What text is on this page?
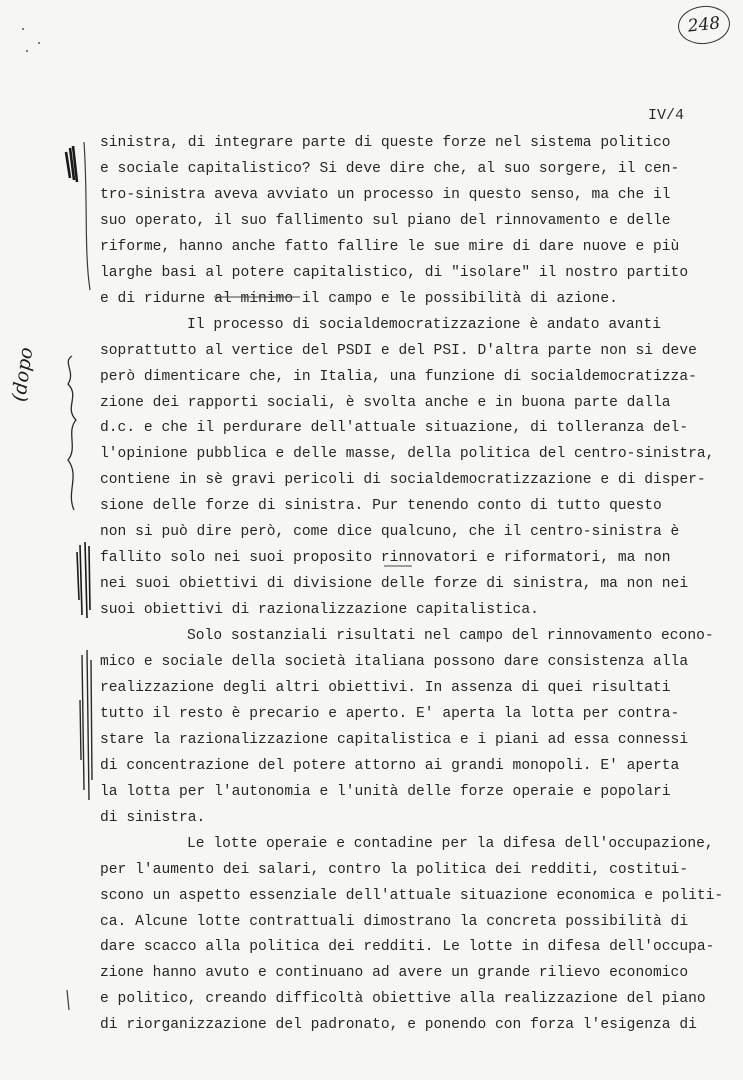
248
IV/4
sinistra, di integrare parte di queste forze nel sistema politico
e sociale capitalistico? Si deve dire che, al suo sorgere, il cen-
tro-sinistra aveva avviato un processo in questo senso, ma che il
suo operato, il suo fallimento sul piano del rinnovamento e delle
riforme, hanno anche fatto fallire le sue mire di dare nuove e più
larghe basi al potere capitalistico, di "isolare" il nostro partito
e di ridurne al minimo il campo e le possibilità di azione.
Il processo di socialdemocratizzazione è andato avanti
soprattutto al vertice del PSDI e del PSI. D'altra parte non si deve
però dimenticare che, in Italia, una funzione di socialdemocratizza-
zione dei rapporti sociali, è svolta anche e in buona parte dalla
d.c. e che il perdurare dell'attuale situazione, di tolleranza del-
l'opinione pubblica e delle masse, della politica del centro-sinistra,
contiene in sè gravi pericoli di socialdemocratizzazione e di disper-
sione delle forze di sinistra. Pur tenendo conto di tutto questo
non si può dire però, come dice qualcuno, che il centro-sinistra è
fallito solo nei suoi proposito rinnovatori e riformatori, ma non
nei suoi obiettivi di divisione delle forze di sinistra, ma non nei
suoi obiettivi di razionalizzazione capitalistica.
Solo sostanziali risultati nel campo del rinnovamento econo-
mico e sociale della società italiana possono dare consistenza alla
realizzazione degli altri obiettivi. In assenza di quei risultati
tutto il resto è precario e aperto. E' aperta la lotta per contra-
stare la razionalizzazione capitalistica e i piani ad essa connessi
di concentrazione del potere attorno ai grandi monopoli. E' aperta
la lotta per l'autonomia e l'unità delle forze operaie e popolari
di sinistra.
Le lotte operaie e contadine per la difesa dell'occupazione,
per l'aumento dei salari, contro la politica dei redditi, costitui-
scono un aspetto essenziale dell'attuale situazione economica e politi-
ca. Alcune lotte contrattuali dimostrano la concreta possibilità di
dare scacco alla politica dei redditi. Le lotte in difesa dell'occupa-
zione hanno avuto e continuano ad avere un grande rilievo economico
e politico, creando difficoltà obiettive alla realizzazione del piano
di riorganizzazione del padronato, e ponendo con forza l'esigenza di
(dopo
